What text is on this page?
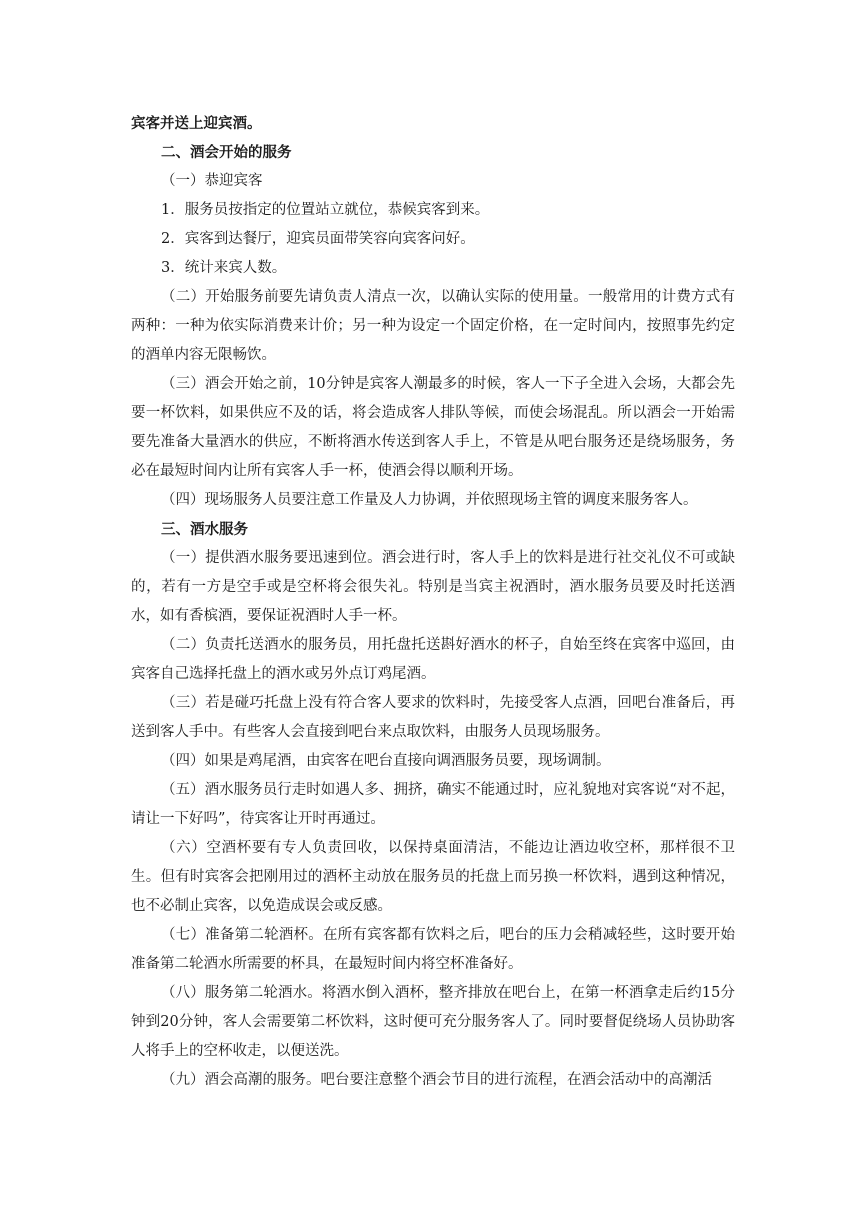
宾客并送上迎宾酒。

二、酒会开始的服务

（一）恭迎宾客

1．服务员按指定的位置站立就位，恭候宾客到来。

2．宾客到达餐厅，迎宾员面带笑容向宾客问好。

3．统计来宾人数。

（二）开始服务前要先请负责人清点一次，以确认实际的使用量。一般常用的计费方式有两种：一种为依实际消费来计价；另一种为设定一个固定价格，在一定时间内，按照事先约定的酒单内容无限畅饮。

（三）酒会开始之前，10分钟是宾客人潮最多的时候，客人一下子全进入会场，大都会先要一杯饮料，如果供应不及的话，将会造成客人排队等候，而使会场混乱。所以酒会一开始需要先准备大量酒水的供应，不断将酒水传送到客人手上，不管是从吧台服务还是绕场服务，务必在最短时间内让所有宾客人手一杯，使酒会得以顺利开场。

（四）现场服务人员要注意工作量及人力协调，并依照现场主管的调度来服务客人。

三、酒水服务

（一）提供酒水服务要迅速到位。酒会进行时，客人手上的饮料是进行社交礼仪不可或缺的，若有一方是空手或是空杯将会很失礼。特别是当宾主祝酒时，酒水服务员要及时托送酒水，如有香槟酒，要保证祝酒时人手一杯。

（二）负责托送酒水的服务员，用托盘托送斟好酒水的杯子，自始至终在宾客中巡回，由宾客自己选择托盘上的酒水或另外点订鸡尾酒。

（三）若是碰巧托盘上没有符合客人要求的饮料时，先接受客人点酒，回吧台准备后，再送到客人手中。有些客人会直接到吧台来点取饮料，由服务人员现场服务。

（四）如果是鸡尾酒，由宾客在吧台直接向调酒服务员要，现场调制。

（五）酒水服务员行走时如遇人多、拥挤，确实不能通过时，应礼貌地对宾客说“对不起，请让一下好吗”，待宾客让开时再通过。

（六）空酒杯要有专人负责回收，以保持桌面清洁，不能边让酒边收空杯，那样很不卫生。但有时宾客会把刚用过的酒杯主动放在服务员的托盘上而另换一杯饮料，遇到这种情况，也不必制止宾客，以免造成误会或反感。

（七）准备第二轮酒杯。在所有宾客都有饮料之后，吧台的压力会稍减轻些，这时要开始准备第二轮酒水所需要的杯具，在最短时间内将空杯准备好。

（八）服务第二轮酒水。将酒水倒入酒杯，整齐排放在吧台上，在第一杯酒拿走后约15分钟到20分钟，客人会需要第二杯饮料，这时便可充分服务客人了。同时要督促绕场人员协助客人将手上的空杯收走，以便送洗。

（九）酒会高潮的服务。吧台要注意整个酒会节目的进行流程，在酒会活动中的高潮活
